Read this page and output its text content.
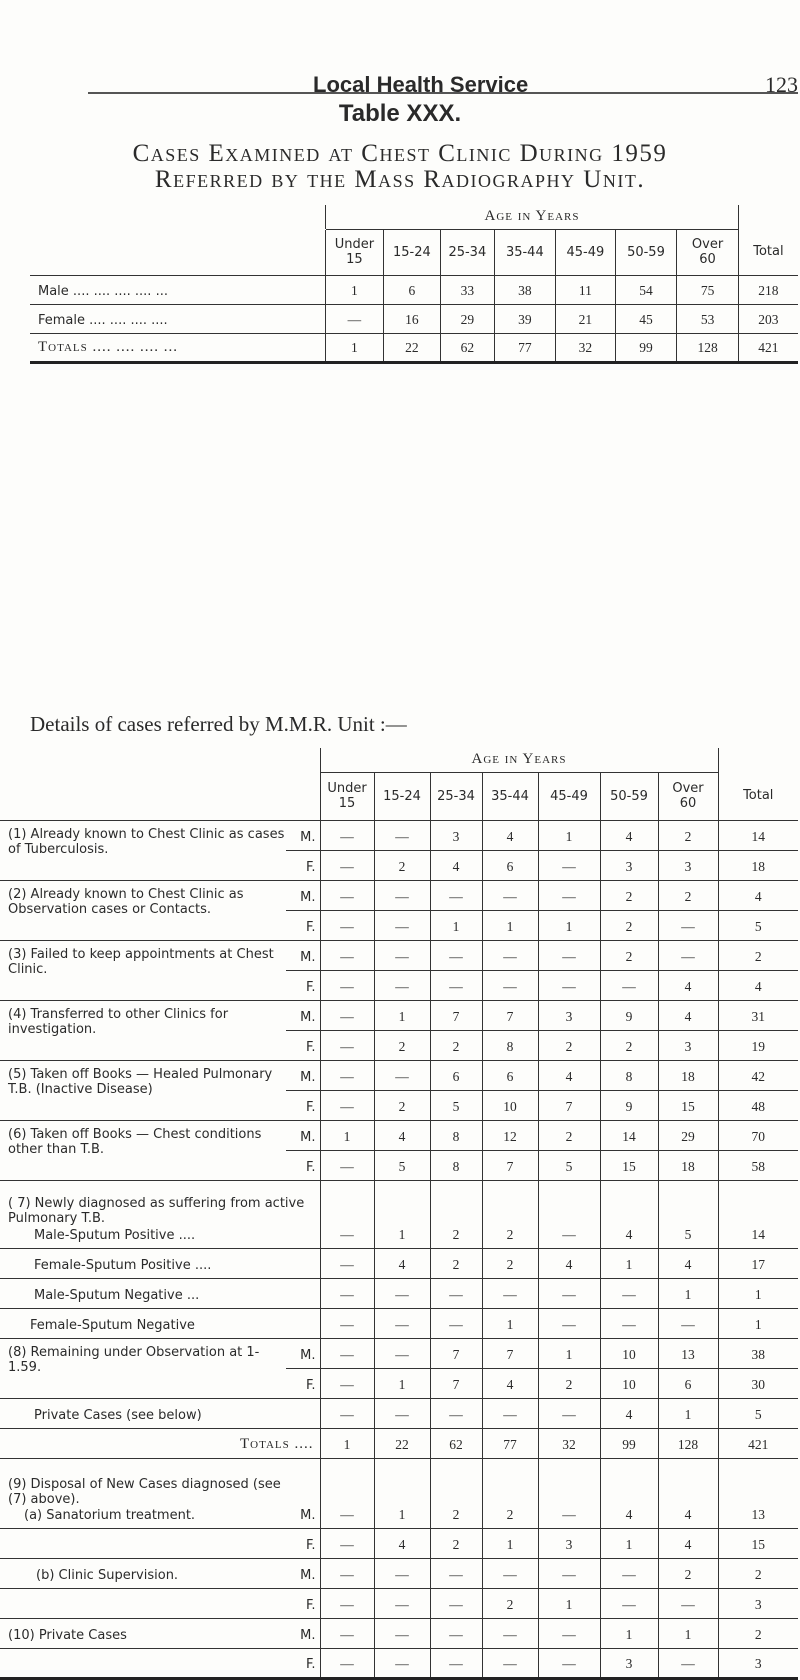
Local Health Service	123
Table XXX.
Cases Examined at Chest Clinic During 1959
Referred by the Mass Radiography Unit.
	Age in Years							
	Under
15	15-24	25-34	35-44	45-49	50-59	Over
60	Total
Male .... .... .... .... ...	1	6	33	38	11	54	75	218
Female .... .... .... ....	—	16	29	39	21	45	53	203
Totals .... .... .... ...	1	22	62	77	32	99	128	421
Details of cases referred by M.M.R. Unit :—
		Age in Years							
		Under
15	15-24	25-34	35-44	45-49	50-59	Over
60	Total
(1) Already known to Chest Clinic as cases of Tuberculosis.	M.	—	—	3	4	1	4	2	14
	F.	—	2	4	6	—	3	3	18
(2) Already known to Chest Clinic as Observation cases or Contacts.	M.	—	—	—	—	—	2	2	4
	F.	—	—	1	1	1	2	—	5
(3) Failed to keep appointments at Chest Clinic.	M.	—	—	—	—	—	2	—	2
	F.	—	—	—	—	—	—	4	4
(4) Transferred to other Clinics for investigation.	M.	—	1	7	7	3	9	4	31
	F.	—	2	2	8	2	2	3	19
(5) Taken off Books — Healed Pulmonary T.B. (Inactive Disease)	M.	—	—	6	6	4	8	18	42
	F.	—	2	5	10	7	9	15	48
(6) Taken off Books — Chest conditions other than T.B.	M.	1	4	8	12	2	14	29	70
	F.	—	5	8	7	5	15	18	58

( 7) Newly diagnosed as suffering from active Pulmonary T.B.
Male-Sputum Positive ....		—	1	2	2	—	4	5	14
Female-Sputum Positive ....		—	4	2	2	4	1	4	17
Male-Sputum Negative ...		—	—	—	—	—	—	1	1
Female-Sputum Negative		—	—	—	1	—	—	—	1
(8) Remaining under Observation at 1-1.59.	M.	—	—	7	7	1	10	13	38
	F.	—	1	7	4	2	10	6	30
Private Cases (see below)		—	—	—	—	—	4	1	5
Totals ....		1	22	62	77	32	99	128	421

(9) Disposal of New Cases diagnosed (see (7) above).
(a) Sanatorium treatment.	M.	—	1	2	2	—	4	4	13
	F.	—	4	2	1	3	1	4	15
(b) Clinic Supervision.	M.	—	—	—	—	—	—	2	2
	F.	—	—	—	2	1	—	—	3
(10) Private Cases	M.	—	—	—	—	—	1	1	2
	F.	—	—	—	—	—	3	—	3
